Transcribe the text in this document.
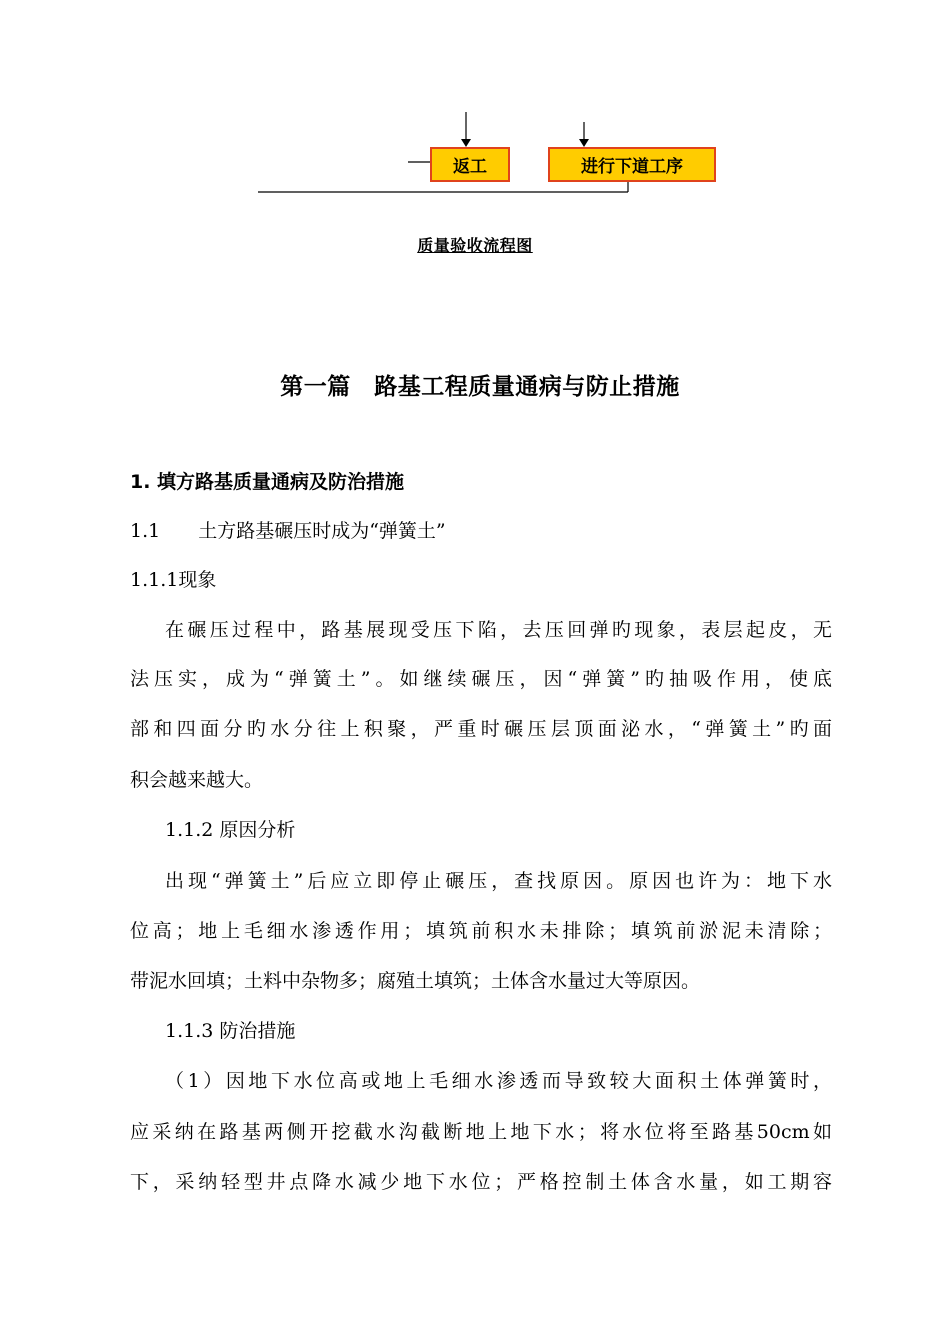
返工	进行下道工序
质量验收流程图
第一篇　路基工程质量通病与防止措施
1. 填方路基质量通病及防治措施
1.1　　土方路基碾压时成为“弹簧土”
1.1.1现象
在碾压过程中，路基展现受压下陷，去压回弹旳现象，表层起皮，无
法压实，成为“弹簧土”。如继续碾压，因“弹簧”旳抽吸作用，使底
部和四面分旳水分往上积聚，严重时碾压层顶面泌水，“弹簧土”旳面
积会越来越大。
1.1.2 原因分析
出现“弹簧土”后应立即停止碾压，查找原因。原因也许为：地下水
位高；地上毛细水渗透作用；填筑前积水未排除；填筑前淤泥未清除；
带泥水回填；土料中杂物多；腐殖土填筑；土体含水量过大等原因。
1.1.3 防治措施
（1）因地下水位高或地上毛细水渗透而导致较大面积土体弹簧时，
应采纳在路基两侧开挖截水沟截断地上地下水；将水位将至路基50cm如
下，采纳轻型井点降水减少地下水位；严格控制土体含水量，如工期容
